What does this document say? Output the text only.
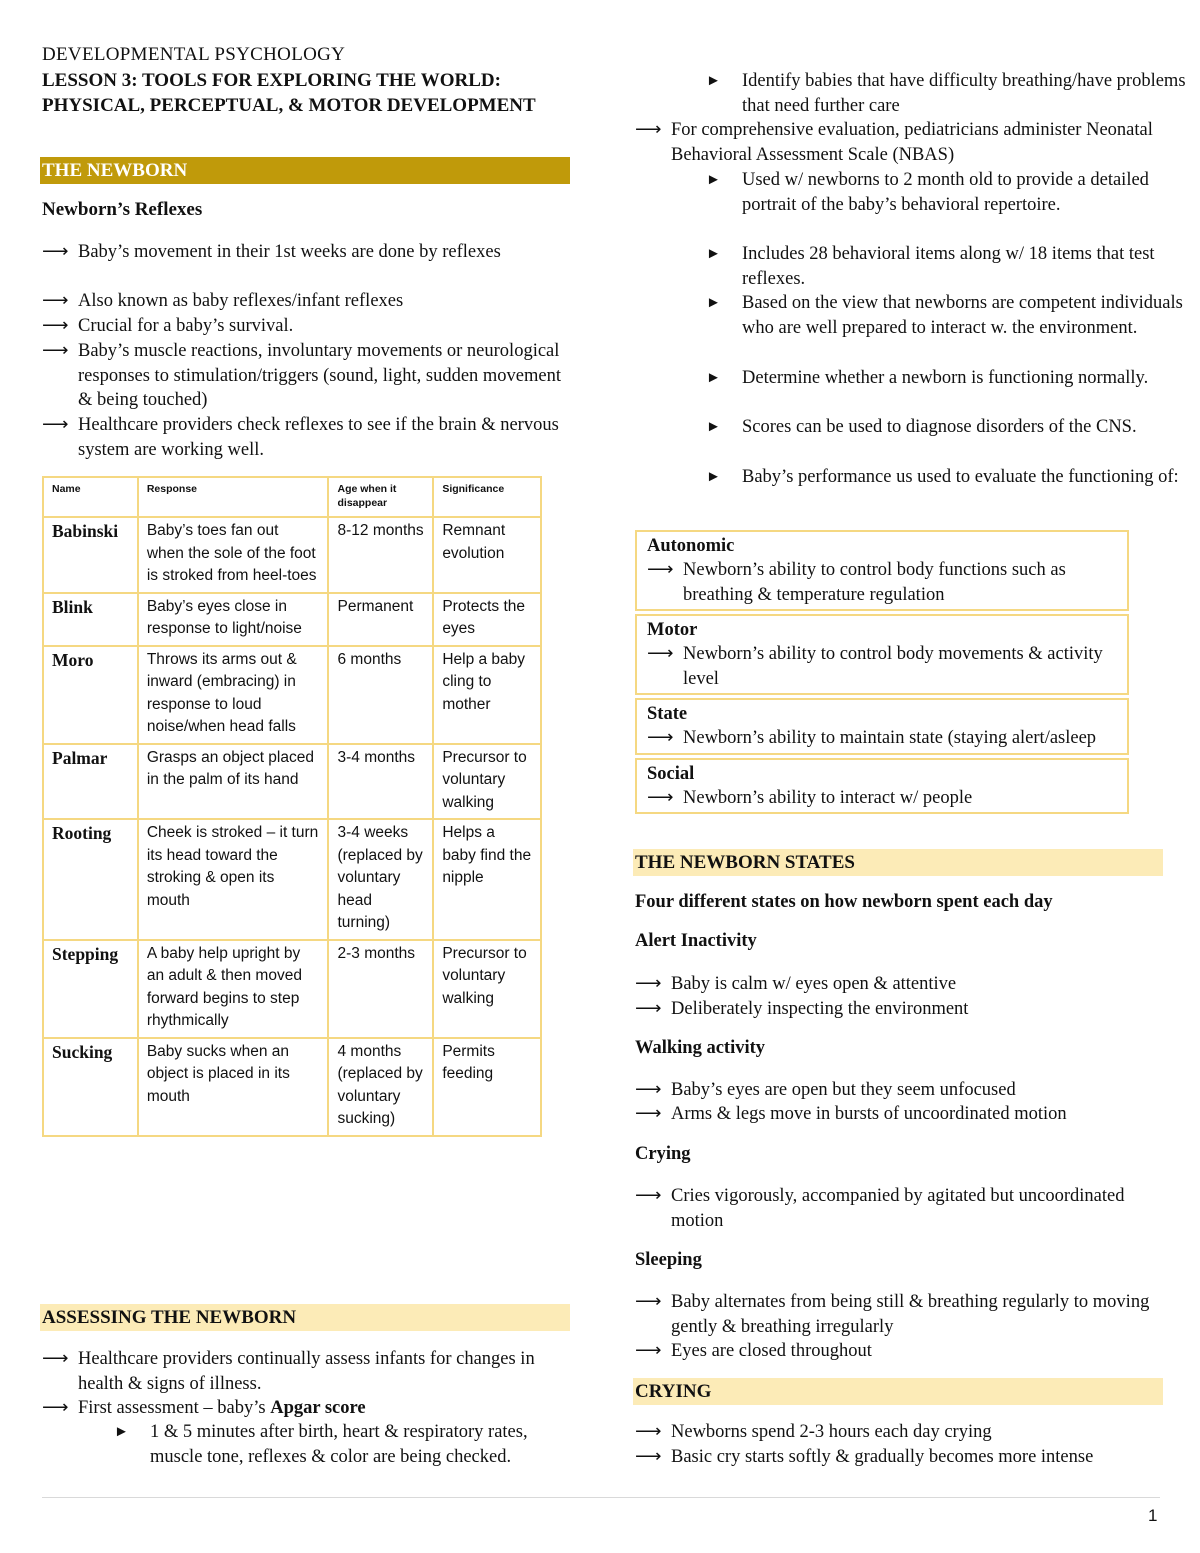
DEVELOPMENTAL PSYCHOLOGY
LESSON 3: TOOLS FOR EXPLORING THE WORLD: PHYSICAL, PERCEPTUAL, & MOTOR DEVELOPMENT
THE NEWBORN
Newborn’s Reflexes
⟶ Baby’s movement in their 1st weeks are done by reflexes
⟶ Also known as baby reflexes/infant reflexes
⟶ Crucial for a baby’s survival.
⟶ Baby’s muscle reactions, involuntary movements or neurological responses to stimulation/triggers (sound, light, sudden movement & being touched)
⟶ Healthcare providers check reflexes to see if the brain & nervous system are working well.
Name	Response	Age when it disappear	Significance
Babinski	Baby’s toes fan out when the sole of the foot is stroked from heel-toes	8-12 months	Remnant evolution
Blink	Baby’s eyes close in response to light/noise	Permanent	Protects the eyes
Moro	Throws its arms out & inward (embracing) in response to loud noise/when head falls	6 months	Help a baby cling to mother
Palmar	Grasps an object placed in the palm of its hand	3-4 months	Precursor to voluntary walking
Rooting	Cheek is stroked – it turn its head toward the stroking & open its mouth	3-4 weeks (replaced by voluntary head turning)	Helps a baby find the nipple
Stepping	A baby help upright by an adult & then moved forward begins to step rhythmically	2-3 months	Precursor to voluntary walking
Sucking	Baby sucks when an object is placed in its mouth	4 months (replaced by voluntary sucking)	Permits feeding
ASSESSING THE NEWBORN
⟶ Healthcare providers continually assess infants for changes in health & signs of illness.
⟶ First assessment – baby’s Apgar score
► 1 & 5 minutes after birth, heart & respiratory rates, muscle tone, reflexes & color are being checked.
► Identify babies that have difficulty breathing/have problems that need further care
⟶ For comprehensive evaluation, pediatricians administer Neonatal Behavioral Assessment Scale (NBAS)
► Used w/ newborns to 2 month old to provide a detailed portrait of the baby’s behavioral repertoire.
► Includes 28 behavioral items along w/ 18 items that test reflexes.
► Based on the view that newborns are competent individuals who are well prepared to interact w. the environment.
► Determine whether a newborn is functioning normally.
► Scores can be used to diagnose disorders of the CNS.
► Baby’s performance us used to evaluate the functioning of:
Autonomic
⟶ Newborn’s ability to control body functions such as breathing & temperature regulation
Motor
⟶ Newborn’s ability to control body movements & activity level
State
⟶ Newborn’s ability to maintain state (staying alert/asleep
Social
⟶ Newborn’s ability to interact w/ people
THE NEWBORN STATES
Four different states on how newborn spent each day
Alert Inactivity
⟶ Baby is calm w/ eyes open & attentive
⟶ Deliberately inspecting the environment
Walking activity
⟶ Baby’s eyes are open but they seem unfocused
⟶ Arms & legs move in bursts of uncoordinated motion
Crying
⟶ Cries vigorously, accompanied by agitated but uncoordinated motion
Sleeping
⟶ Baby alternates from being still & breathing regularly to moving gently & breathing irregularly
⟶ Eyes are closed throughout
CRYING
⟶ Newborns spend 2-3 hours each day crying
⟶ Basic cry starts softly & gradually becomes more intense
1
